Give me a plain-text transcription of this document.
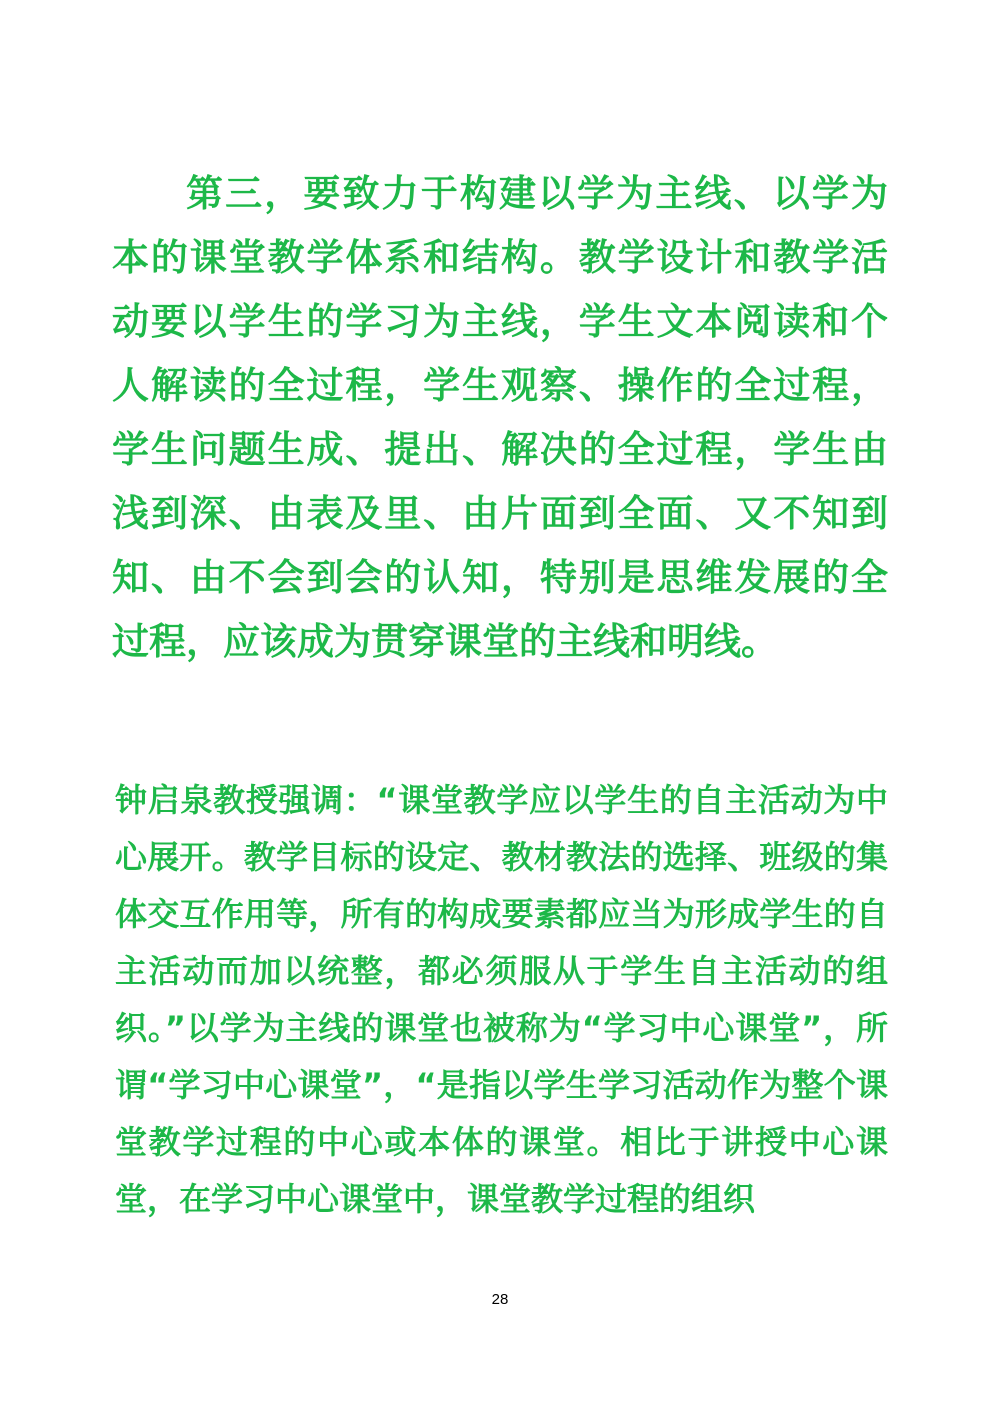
第三，要致力于构建以学为主线、以学为本的课堂教学体系和结构。教学设计和教学活动要以学生的学习为主线，学生文本阅读和个人解读的全过程，学生观察、操作的全过程，学生问题生成、提出、解决的全过程，学生由浅到深、由表及里、由片面到全面、又不知到知、由不会到会的认知，特别是思维发展的全过程，应该成为贯穿课堂的主线和明线。

钟启泉教授强调：“课堂教学应以学生的自主活动为中心展开。教学目标的设定、教材教法的选择、班级的集体交互作用等，所有的构成要素都应当为形成学生的自主活动而加以统整，都必须服从于学生自主活动的组织。”以学为主线的课堂也被称为“学习中心课堂”，所谓“学习中心课堂”，“是指以学生学习活动作为整个课堂教学过程的中心或本体的课堂。相比于讲授中心课堂，在学习中心课堂中，课堂教学过程的组织

28
